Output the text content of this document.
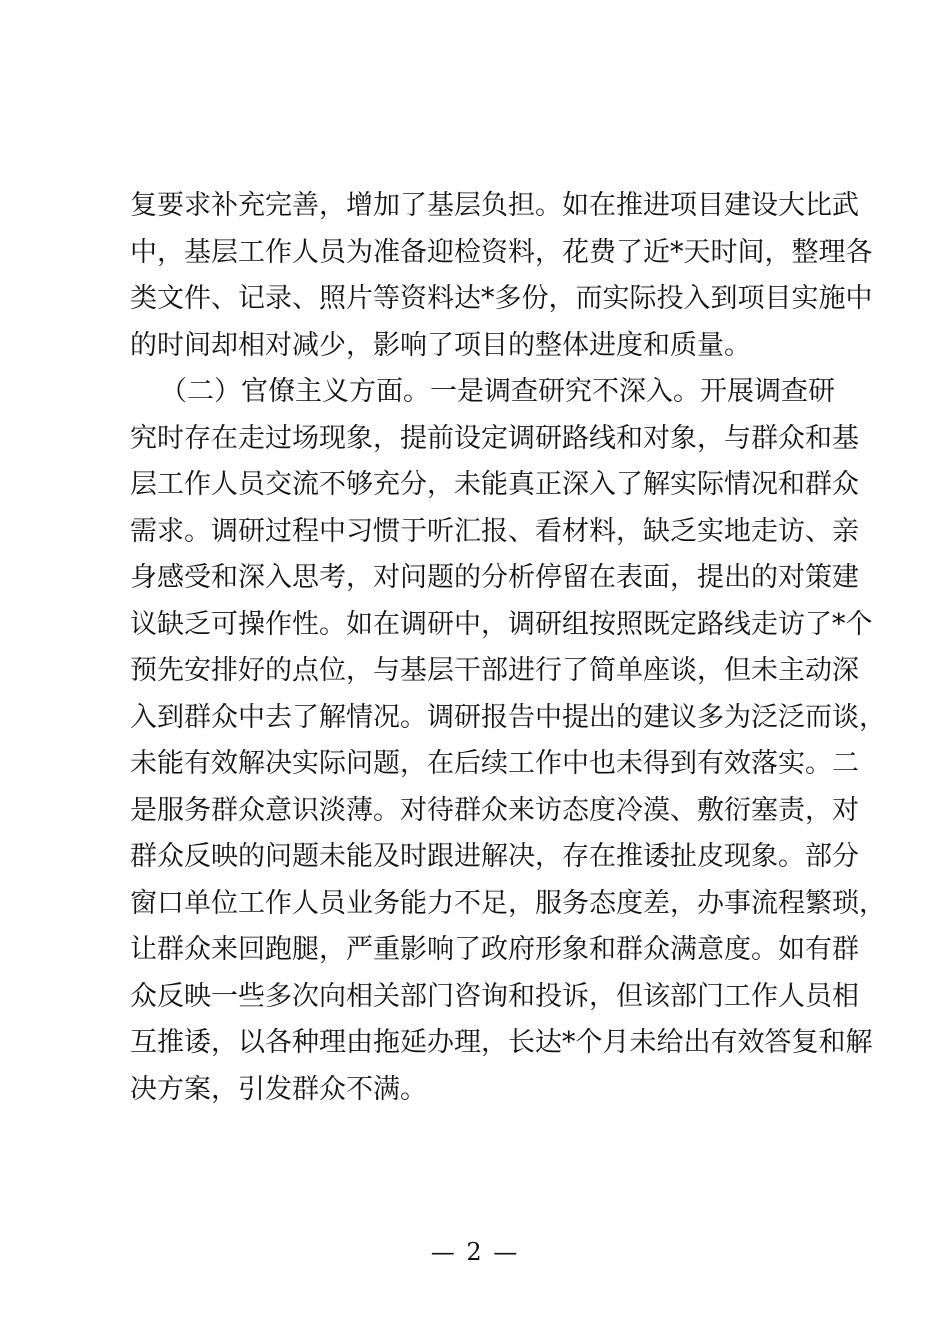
复要求补充完善，增加了基层负担。如在推进项目建设大比武
中，基层工作人员为准备迎检资料，花费了近*天时间，整理各
类文件、记录、照片等资料达*多份，而实际投入到项目实施中
的时间却相对减少，影响了项目的整体进度和质量。
（二）官僚主义方面。一是调查研究不深入。开展调查研
究时存在走过场现象，提前设定调研路线和对象，与群众和基
层工作人员交流不够充分，未能真正深入了解实际情况和群众
需求。调研过程中习惯于听汇报、看材料，缺乏实地走访、亲
身感受和深入思考，对问题的分析停留在表面，提出的对策建
议缺乏可操作性。如在调研中，调研组按照既定路线走访了*个
预先安排好的点位，与基层干部进行了简单座谈，但未主动深
入到群众中去了解情况。调研报告中提出的建议多为泛泛而谈，
未能有效解决实际问题，在后续工作中也未得到有效落实。二
是服务群众意识淡薄。对待群众来访态度冷漠、敷衍塞责，对
群众反映的问题未能及时跟进解决，存在推诿扯皮现象。部分
窗口单位工作人员业务能力不足，服务态度差，办事流程繁琐，
让群众来回跑腿，严重影响了政府形象和群众满意度。如有群
众反映一些多次向相关部门咨询和投诉，但该部门工作人员相
互推诿，以各种理由拖延办理，长达*个月未给出有效答复和解
决方案，引发群众不满。
— 2 —
